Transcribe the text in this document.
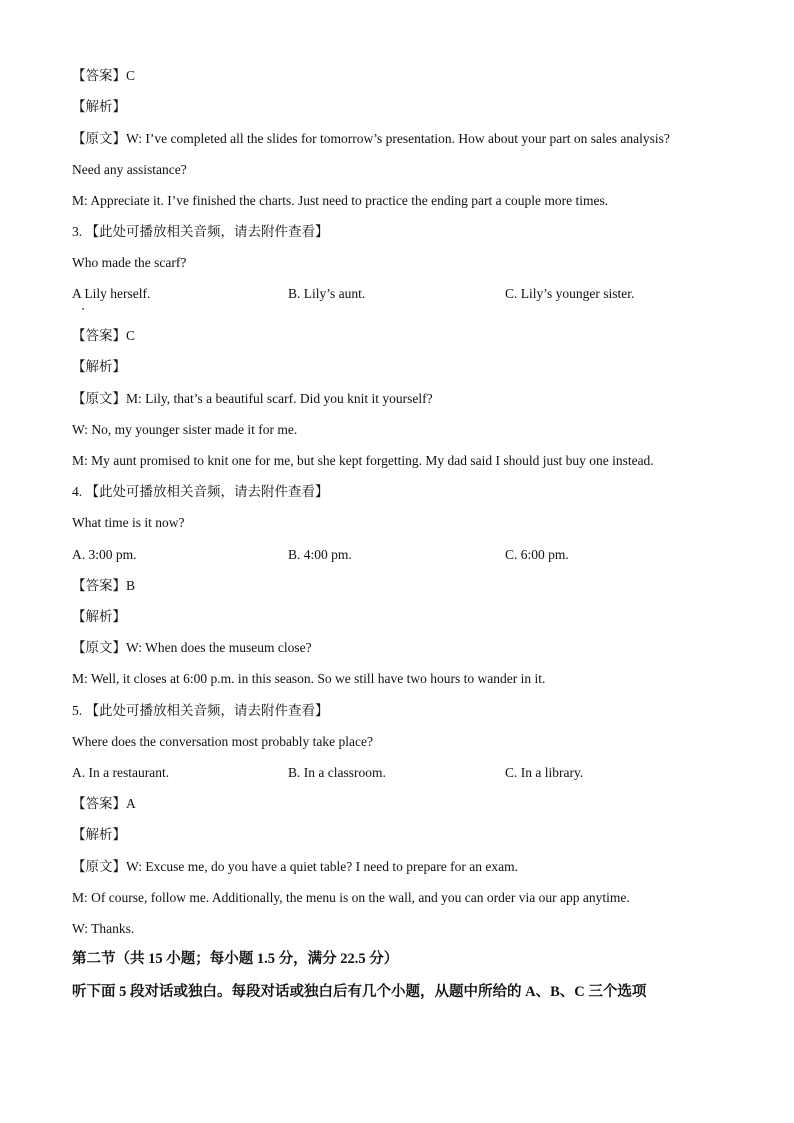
【答案】C
【解析】
【原文】W: I’ve completed all the slides for tomorrow’s presentation. How about your part on sales analysis?
Need any assistance?
M: Appreciate it. I’ve finished the charts. Just need to practice the ending part a couple more times.
3. 【此处可播放相关音频，请去附件查看】
Who made the scarf?
A Lily herself.	B. Lily’s aunt.	C. Lily’s younger sister.
【答案】C
【解析】
【原文】M: Lily, that’s a beautiful scarf. Did you knit it yourself?
W: No, my younger sister made it for me.
M: My aunt promised to knit one for me, but she kept forgetting. My dad said I should just buy one instead.
4. 【此处可播放相关音频，请去附件查看】
What time is it now?
A. 3:00 pm.	B. 4:00 pm.	C. 6:00 pm.
【答案】B
【解析】
【原文】W: When does the museum close?
M: Well, it closes at 6:00 p.m. in this season. So we still have two hours to wander in it.
5. 【此处可播放相关音频，请去附件查看】
Where does the conversation most probably take place?
A. In a restaurant.	B. In a classroom.	C. In a library.
【答案】A
【解析】
【原文】W: Excuse me, do you have a quiet table? I need to prepare for an exam.
M: Of course, follow me. Additionally, the menu is on the wall, and you can order via our app anytime.
W: Thanks.
第二节（共 15 小题；每小题 1.5 分，满分 22.5 分）
听下面 5 段对话或独白。每段对话或独白后有几个小题，从题中所给的 A、B、C 三个选项
